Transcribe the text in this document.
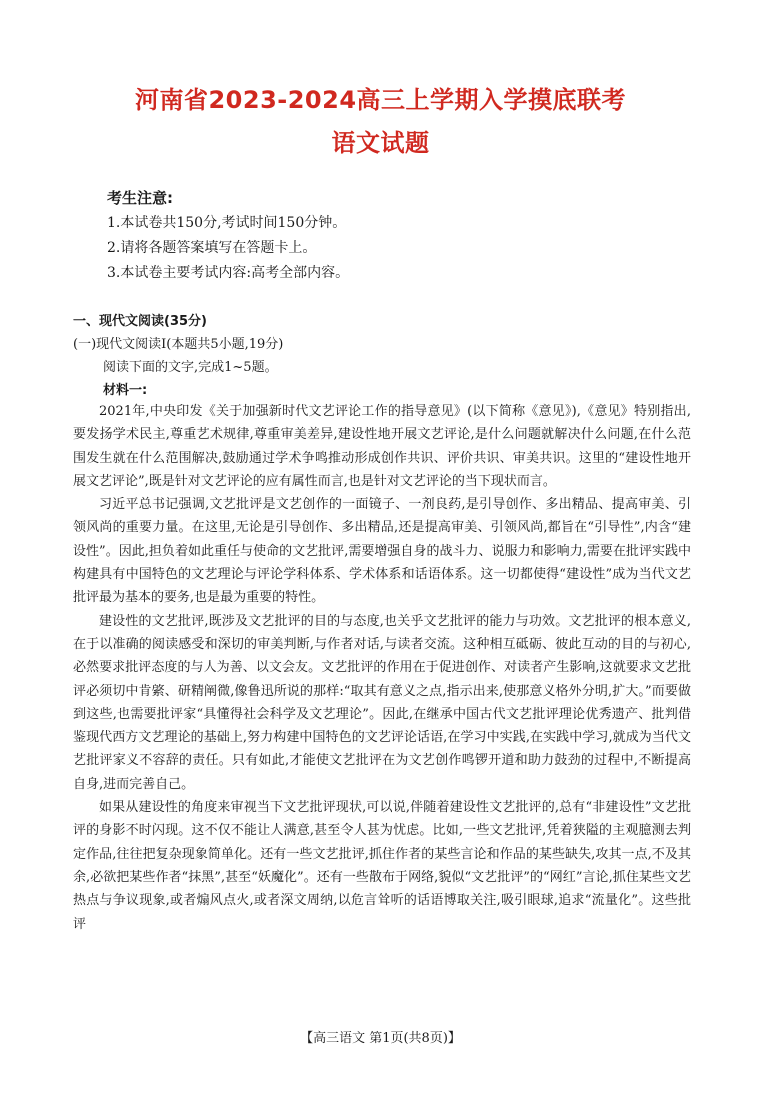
河南省2023-2024高三上学期入学摸底联考
语文试题
考生注意:
1.本试卷共150分,考试时间150分钟。
2.请将各题答案填写在答题卡上。
3.本试卷主要考试内容:高考全部内容。
一、现代文阅读(35分)
(一)现代文阅读Ⅰ(本题共5小题,19分)
阅读下面的文字,完成1~5题。
材料一:

2021年,中央印发《关于加强新时代文艺评论工作的指导意见》(以下简称《意见》),《意见》特别指出,要发扬学术民主,尊重艺术规律,尊重审美差异,建设性地开展文艺评论,是什么问题就解决什么问题,在什么范围发生就在什么范围解决,鼓励通过学术争鸣推动形成创作共识、评价共识、审美共识。这里的“建设性地开展文艺评论”,既是针对文艺评论的应有属性而言,也是针对文艺评论的当下现状而言。

习近平总书记强调,文艺批评是文艺创作的一面镜子、一剂良药,是引导创作、多出精品、提高审美、引领风尚的重要力量。在这里,无论是引导创作、多出精品,还是提高审美、引领风尚,都旨在“引导性”,内含“建设性”。因此,担负着如此重任与使命的文艺批评,需要增强自身的战斗力、说服力和影响力,需要在批评实践中构建具有中国特色的文艺理论与评论学科体系、学术体系和话语体系。这一切都使得“建设性”成为当代文艺批评最为基本的要务,也是最为重要的特性。

建设性的文艺批评,既涉及文艺批评的目的与态度,也关乎文艺批评的能力与功效。文艺批评的根本意义,在于以准确的阅读感受和深切的审美判断,与作者对话,与读者交流。这种相互砥砺、彼此互动的目的与初心,必然要求批评态度的与人为善、以文会友。文艺批评的作用在于促进创作、对读者产生影响,这就要求文艺批评必须切中肯綮、研精阐微,像鲁迅所说的那样:“取其有意义之点,指示出来,使那意义格外分明,扩大。”而要做到这些,也需要批评家“具懂得社会科学及文艺理论”。因此,在继承中国古代文艺批评理论优秀遗产、批判借鉴现代西方文艺理论的基础上,努力构建中国特色的文艺评论话语,在学习中实践,在实践中学习,就成为当代文艺批评家义不容辞的责任。只有如此,才能使文艺批评在为文艺创作鸣锣开道和助力鼓劲的过程中,不断提高自身,进而完善自己。

如果从建设性的角度来审视当下文艺批评现状,可以说,伴随着建设性文艺批评的,总有“非建设性”文艺批评的身影不时闪现。这不仅不能让人满意,甚至令人甚为忧虑。比如,一些文艺批评,凭着狭隘的主观臆测去判定作品,往往把复杂现象简单化。还有一些文艺批评,抓住作者的某些言论和作品的某些缺失,攻其一点,不及其余,必欲把某些作者“抹黑”,甚至“妖魔化”。还有一些散布于网络,貌似“文艺批评”的“网红”言论,抓住某些文艺热点与争议现象,或者煽风点火,或者深文周纳,以危言耸听的话语博取关注,吸引眼球,追求“流量化”。这些批评

【高三语文 第1页(共8页)】
